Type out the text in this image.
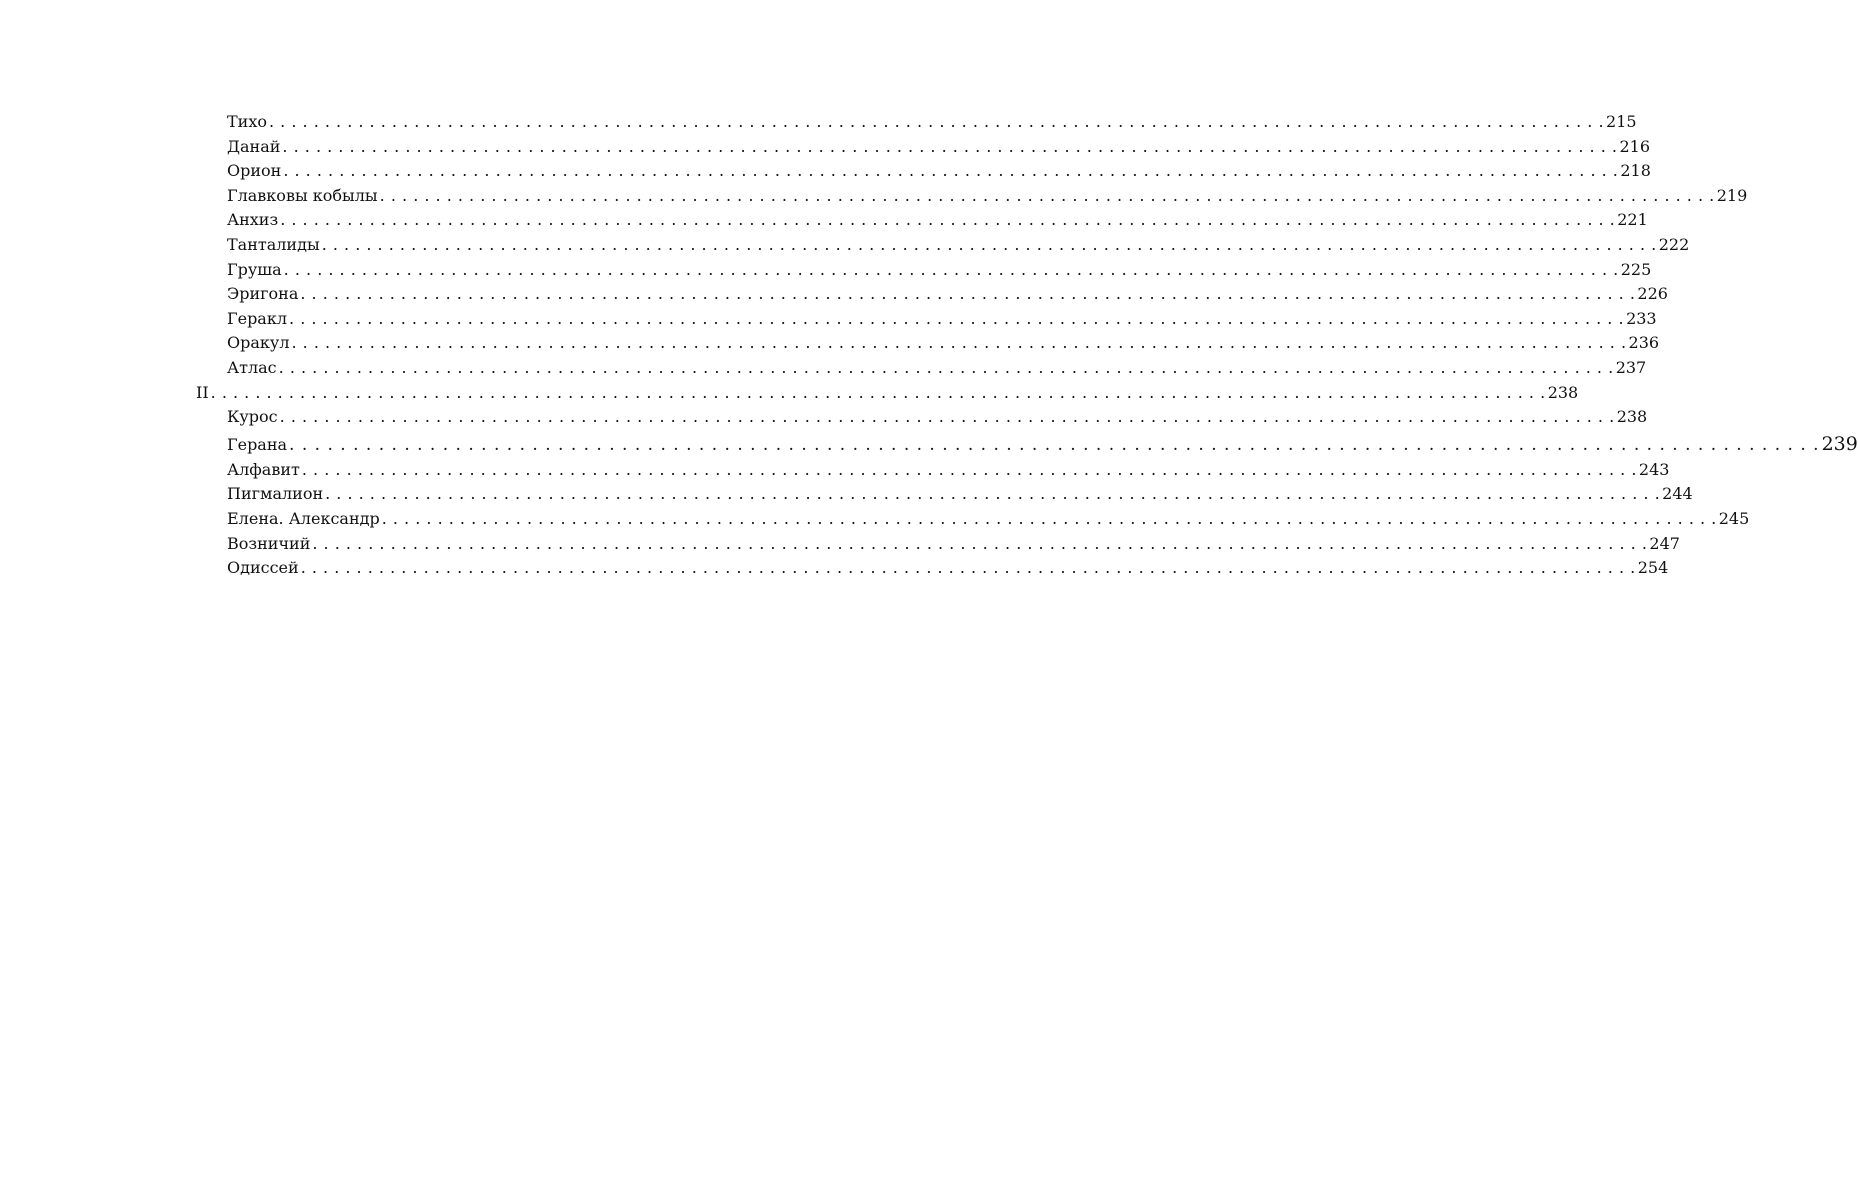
Тихо . . . . . . . . . . . . . . . . . . . . . . . . . . . . . . . . . . . . . . . . . . . . . . . . . . . . . . . . . . . . . . . . . . . . . . . . . . . . . . . . . . . . . . . . . . . . . . . . . . . . . . . . . . . . . . . . . . . . . . . . 215
Данай . . . . . . . . . . . . . . . . . . . . . . . . . . . . . . . . . . . . . . . . . . . . . . . . . . . . . . . . . . . . . . . . . . . . . . . . . . . . . . . . . . . . . . . . . . . . . . . . . . . . . . . . . . . . . . . . . . . . . . . . 216
Орион . . . . . . . . . . . . . . . . . . . . . . . . . . . . . . . . . . . . . . . . . . . . . . . . . . . . . . . . . . . . . . . . . . . . . . . . . . . . . . . . . . . . . . . . . . . . . . . . . . . . . . . . . . . . . . . . . . . . . . . . 218
Главковы кобылы . . . . . . . . . . . . . . . . . . . . . . . . . . . . . . . . . . . . . . . . . . . . . . . . . . . . . . . . . . . . . . . . . . . . . . . . . . . . . . . . . . . . . . . . . . . . . . . . . . . . . . . . . . . . . . . . . . . . . . . . 219
Анхиз . . . . . . . . . . . . . . . . . . . . . . . . . . . . . . . . . . . . . . . . . . . . . . . . . . . . . . . . . . . . . . . . . . . . . . . . . . . . . . . . . . . . . . . . . . . . . . . . . . . . . . . . . . . . . . . . . . . . . . . . 221
Танталиды . . . . . . . . . . . . . . . . . . . . . . . . . . . . . . . . . . . . . . . . . . . . . . . . . . . . . . . . . . . . . . . . . . . . . . . . . . . . . . . . . . . . . . . . . . . . . . . . . . . . . . . . . . . . . . . . . . . . . . . . 222
Груша . . . . . . . . . . . . . . . . . . . . . . . . . . . . . . . . . . . . . . . . . . . . . . . . . . . . . . . . . . . . . . . . . . . . . . . . . . . . . . . . . . . . . . . . . . . . . . . . . . . . . . . . . . . . . . . . . . . . . . . . 225
Эригона . . . . . . . . . . . . . . . . . . . . . . . . . . . . . . . . . . . . . . . . . . . . . . . . . . . . . . . . . . . . . . . . . . . . . . . . . . . . . . . . . . . . . . . . . . . . . . . . . . . . . . . . . . . . . . . . . . . . . . . . 226
Геракл . . . . . . . . . . . . . . . . . . . . . . . . . . . . . . . . . . . . . . . . . . . . . . . . . . . . . . . . . . . . . . . . . . . . . . . . . . . . . . . . . . . . . . . . . . . . . . . . . . . . . . . . . . . . . . . . . . . . . . . . 233
Оракул . . . . . . . . . . . . . . . . . . . . . . . . . . . . . . . . . . . . . . . . . . . . . . . . . . . . . . . . . . . . . . . . . . . . . . . . . . . . . . . . . . . . . . . . . . . . . . . . . . . . . . . . . . . . . . . . . . . . . . . . 236
Атлас . . . . . . . . . . . . . . . . . . . . . . . . . . . . . . . . . . . . . . . . . . . . . . . . . . . . . . . . . . . . . . . . . . . . . . . . . . . . . . . . . . . . . . . . . . . . . . . . . . . . . . . . . . . . . . . . . . . . . . . . 237
II . . . . . . . . . . . . . . . . . . . . . . . . . . . . . . . . . . . . . . . . . . . . . . . . . . . . . . . . . . . . . . . . . . . . . . . . . . . . . . . . . . . . . . . . . . . . . . . . . . . . . . . . . . . . . . . . . . . . . . . . 238
Курос . . . . . . . . . . . . . . . . . . . . . . . . . . . . . . . . . . . . . . . . . . . . . . . . . . . . . . . . . . . . . . . . . . . . . . . . . . . . . . . . . . . . . . . . . . . . . . . . . . . . . . . . . . . . . . . . . . . . . . . . 238
Герана . . . . . . . . . . . . . . . . . . . . . . . . . . . . . . . . . . . . . . . . . . . . . . . . . . . . . . . . . . . . . . . . . . . . . . . . . . . . . . . . . . . . . . . . . . . . . . . . . . . . . . . . . . . . . . . . . . . . . . . . 239
Алфавит . . . . . . . . . . . . . . . . . . . . . . . . . . . . . . . . . . . . . . . . . . . . . . . . . . . . . . . . . . . . . . . . . . . . . . . . . . . . . . . . . . . . . . . . . . . . . . . . . . . . . . . . . . . . . . . . . . . . . . . . 243
Пигмалион . . . . . . . . . . . . . . . . . . . . . . . . . . . . . . . . . . . . . . . . . . . . . . . . . . . . . . . . . . . . . . . . . . . . . . . . . . . . . . . . . . . . . . . . . . . . . . . . . . . . . . . . . . . . . . . . . . . . . . . . 244
Елена. Александр . . . . . . . . . . . . . . . . . . . . . . . . . . . . . . . . . . . . . . . . . . . . . . . . . . . . . . . . . . . . . . . . . . . . . . . . . . . . . . . . . . . . . . . . . . . . . . . . . . . . . . . . . . . . . . . . . . . . . . . . 245
Возничий . . . . . . . . . . . . . . . . . . . . . . . . . . . . . . . . . . . . . . . . . . . . . . . . . . . . . . . . . . . . . . . . . . . . . . . . . . . . . . . . . . . . . . . . . . . . . . . . . . . . . . . . . . . . . . . . . . . . . . . . 247
Одиссей . . . . . . . . . . . . . . . . . . . . . . . . . . . . . . . . . . . . . . . . . . . . . . . . . . . . . . . . . . . . . . . . . . . . . . . . . . . . . . . . . . . . . . . . . . . . . . . . . . . . . . . . . . . . . . . . . . . . . . . . 254
